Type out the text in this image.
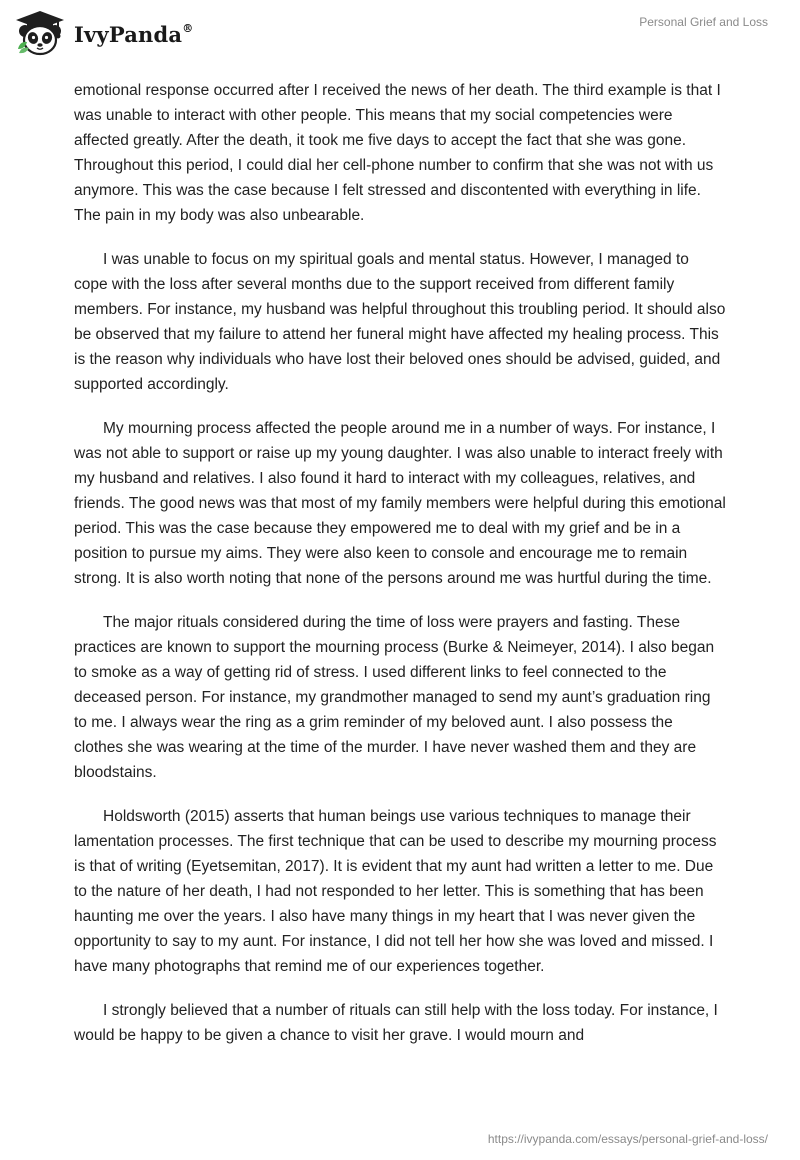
IvyPanda®	Personal Grief and Loss

emotional response occurred after I received the news of her death. The third example is that I was unable to interact with other people. This means that my social competencies were affected greatly. After the death, it took me five days to accept the fact that she was gone. Throughout this period, I could dial her cell-phone number to confirm that she was not with us anymore. This was the case because I felt stressed and discontented with everything in life. The pain in my body was also unbearable.

I was unable to focus on my spiritual goals and mental status. However, I managed to cope with the loss after several months due to the support received from different family members. For instance, my husband was helpful throughout this troubling period. It should also be observed that my failure to attend her funeral might have affected my healing process. This is the reason why individuals who have lost their beloved ones should be advised, guided, and supported accordingly.

My mourning process affected the people around me in a number of ways. For instance, I was not able to support or raise up my young daughter. I was also unable to interact freely with my husband and relatives. I also found it hard to interact with my colleagues, relatives, and friends. The good news was that most of my family members were helpful during this emotional period. This was the case because they empowered me to deal with my grief and be in a position to pursue my aims. They were also keen to console and encourage me to remain strong. It is also worth noting that none of the persons around me was hurtful during the time.

The major rituals considered during the time of loss were prayers and fasting. These practices are known to support the mourning process (Burke & Neimeyer, 2014). I also began to smoke as a way of getting rid of stress. I used different links to feel connected to the deceased person. For instance, my grandmother managed to send my aunt’s graduation ring to me. I always wear the ring as a grim reminder of my beloved aunt. I also possess the clothes she was wearing at the time of the murder. I have never washed them and they are bloodstains.

Holdsworth (2015) asserts that human beings use various techniques to manage their lamentation processes. The first technique that can be used to describe my mourning process is that of writing (Eyetsemitan, 2017). It is evident that my aunt had written a letter to me. Due to the nature of her death, I had not responded to her letter. This is something that has been haunting me over the years. I also have many things in my heart that I was never given the opportunity to say to my aunt. For instance, I did not tell her how she was loved and missed. I have many photographs that remind me of our experiences together.

I strongly believed that a number of rituals can still help with the loss today. For instance, I would be happy to be given a chance to visit her grave. I would mourn and

https://ivypanda.com/essays/personal-grief-and-loss/
